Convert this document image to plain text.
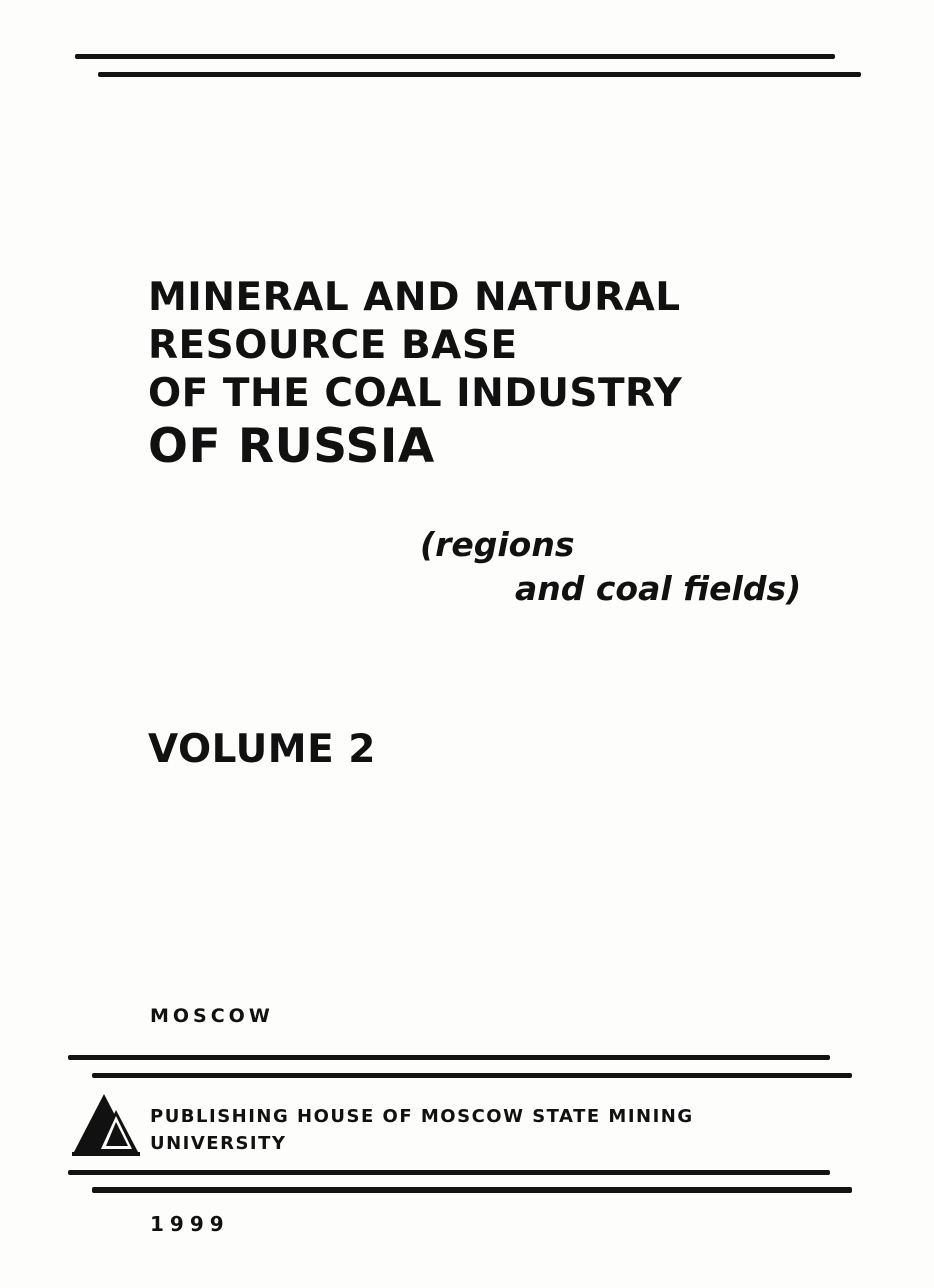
MINERAL AND NATURAL
RESOURCE BASE
OF THE COAL INDUSTRY
OF RUSSIA
(regions
and coal fields)
VOLUME 2
MOSCOW
PUBLISHING HOUSE OF MOSCOW STATE MINING
UNIVERSITY
1999
